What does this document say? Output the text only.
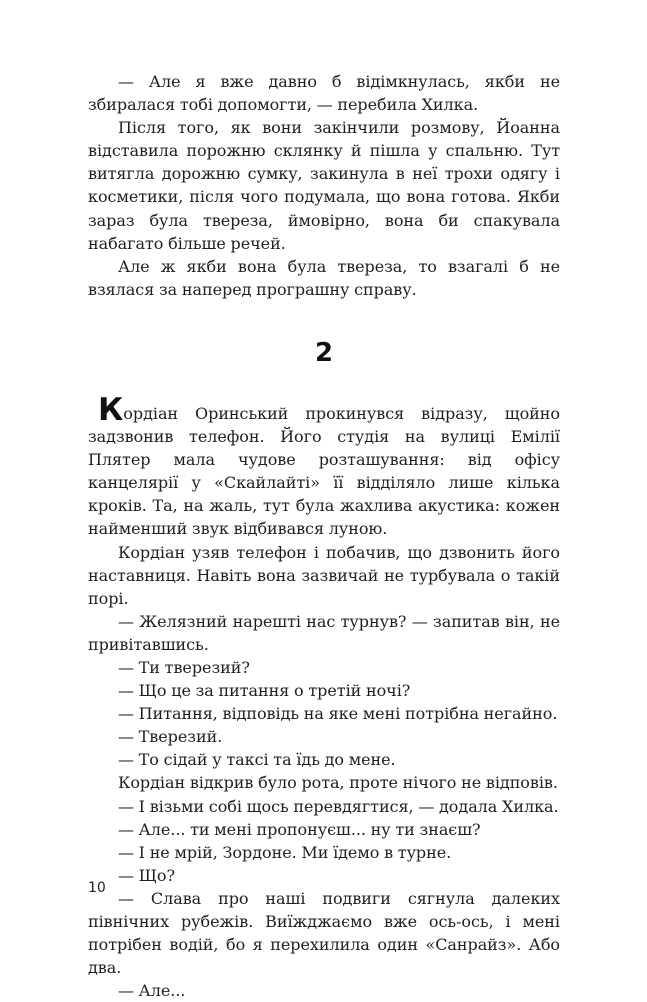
— Але я вже давно б відімкнулась, якби не збиралася тобі допомогти, — перебила Хилка.

Після того, як вони закінчили розмову, Йоанна відставила порожню склянку й пішла у спальню. Тут витягла дорожню сумку, закинула в неї трохи одягу і косметики, після чого подумала, що вона готова. Якби зараз була твереза, ймовірно, вона би спакувала набагато більше речей.

Але ж якби вона була твереза, то взагалі б не взялася за наперед програшну справу.

2

Кордіан Оринський прокинувся відразу, щойно задзвонив телефон. Його студія на вулиці Емілії Плятер мала чудове розташування: від офісу канцелярії у «Скайлайті» її відділяло лише кілька кроків. Та, на жаль, тут була жахлива акустика: кожен найменший звук відбивався луною.

Кордіан узяв телефон і побачив, що дзвонить його наставниця. Навіть вона зазвичай не турбувала о такій порі.

— Желязний нарешті нас турнув? — запитав він, не привітавшись.

— Ти тверезий?

— Що це за питання о третій ночі?

— Питання, відповідь на яке мені потрібна негайно.

— Тверезий.

— То сідай у таксі та їдь до мене.

Кордіан відкрив було рота, проте нічого не відповів.

— І візьми собі щось перевдягтися, — додала Хилка.

— Але... ти мені пропонуєш... ну ти знаєш?

— І не мрій, Зордоне. Ми їдемо в турне.

— Що?

— Слава про наші подвиги сягнула далеких північних рубежів. Виїжджаємо вже ось-ось, і мені потрібен водій, бо я перехилила один «Санрайз». Або два.

— Але...

10
